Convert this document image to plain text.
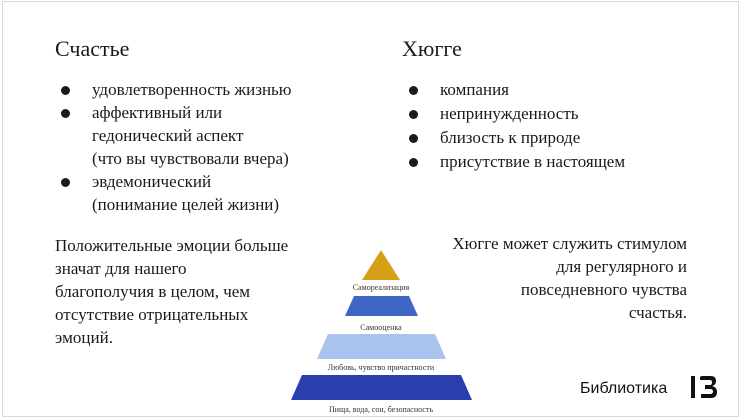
Счастье
удовлетворенность жизнью
аффективный или
гедонический аспект
(что вы чувствовали вчера)
эвдемонический
(понимание целей жизни)
Положительные эмоции больше
значат для нашего
благополучия в целом, чем
отсутствие отрицательных
эмоций.
Хюгге
компания
непринужденность
близость к природе
присутствие в настоящем
Хюгге может служить стимулом
для регулярного и
повседневного чувства
счастья.
Самореализация
Самооценка
Любовь, чувство причастности
Пища, вода, сон, безопасность
Библиотика
13
